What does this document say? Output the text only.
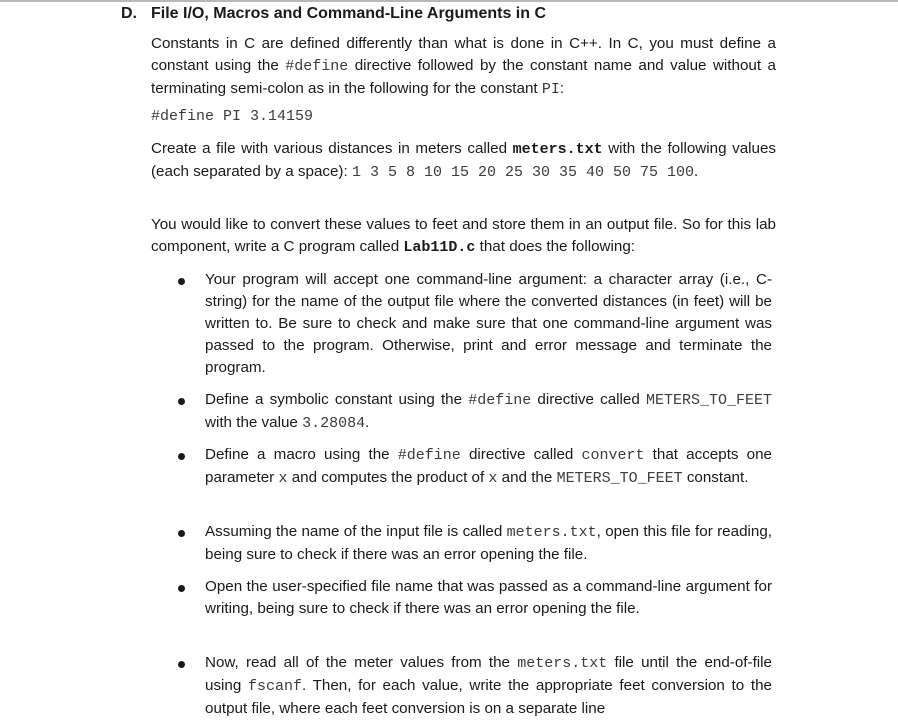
D. File I/O, Macros and Command-Line Arguments in C
Constants in C are defined differently than what is done in C++. In C, you must define a constant using the #define directive followed by the constant name and value without a terminating semi-colon as in the following for the constant PI:
#define PI 3.14159
Create a file with various distances in meters called meters.txt with the following values (each separated by a space): 1 3 5 8 10 15 20 25 30 35 40 50 75 100.
You would like to convert these values to feet and store them in an output file. So for this lab component, write a C program called Lab11D.c that does the following:
Your program will accept one command-line argument: a character array (i.e., C-string) for the name of the output file where the converted distances (in feet) will be written to. Be sure to check and make sure that one command-line argument was passed to the program. Otherwise, print and error message and terminate the program.
Define a symbolic constant using the #define directive called METERS_TO_FEET with the value 3.28084.
Define a macro using the #define directive called convert that accepts one parameter x and computes the product of x and the METERS_TO_FEET constant.
Assuming the name of the input file is called meters.txt, open this file for reading, being sure to check if there was an error opening the file.
Open the user-specified file name that was passed as a command-line argument for writing, being sure to check if there was an error opening the file.
Now, read all of the meter values from the meters.txt file until the end-of-file using fscanf. Then, for each value, write the appropriate feet conversion to the output file, where each feet conversion is on a separate line
